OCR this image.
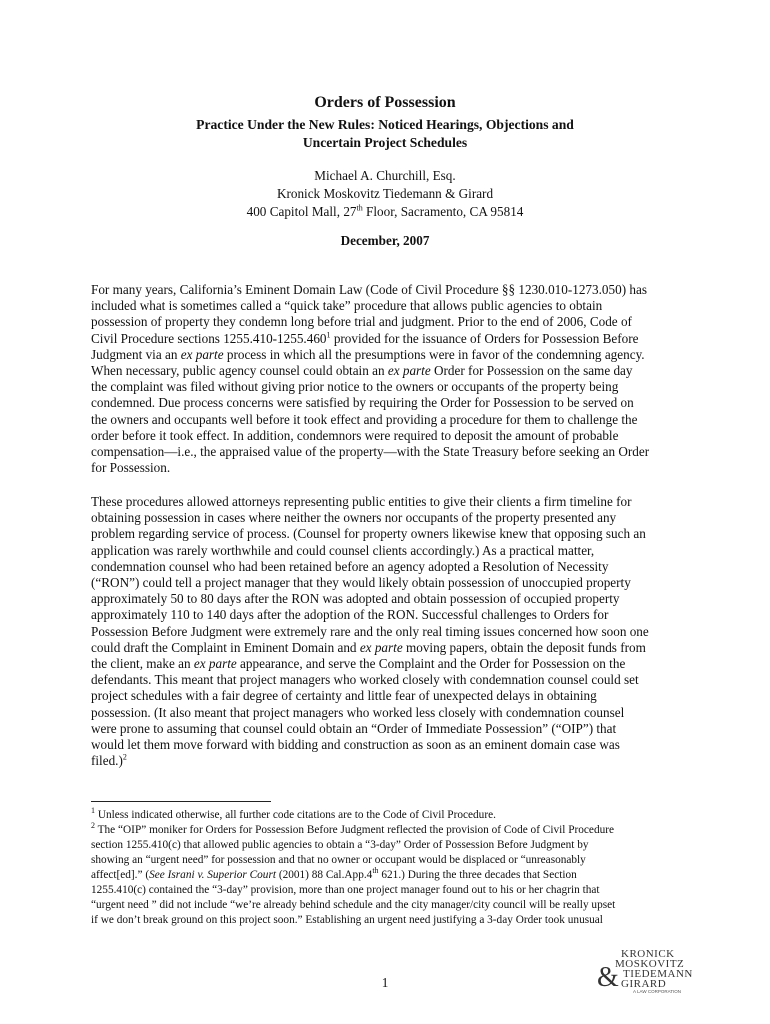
Orders of Possession
Practice Under the New Rules: Noticed Hearings, Objections and
Uncertain Project Schedules
Michael A. Churchill, Esq.
Kronick Moskovitz Tiedemann & Girard
400 Capitol Mall, 27th Floor, Sacramento, CA 95814
December, 2007
For many years, California’s Eminent Domain Law (Code of Civil Procedure §§ 1230.010-1273.050) has
included what is sometimes called a “quick take” procedure that allows public agencies to obtain
possession of property they condemn long before trial and judgment. Prior to the end of 2006, Code of
Civil Procedure sections 1255.410-1255.460$^1$ provided for the issuance of Orders for Possession Before
Judgment via an ex parte process in which all the presumptions were in favor of the condemning agency.
When necessary, public agency counsel could obtain an ex parte Order for Possession on the same day
the complaint was filed without giving prior notice to the owners or occupants of the property being
condemned. Due process concerns were satisfied by requiring the Order for Possession to be served on
the owners and occupants well before it took effect and providing a procedure for them to challenge the
order before it took effect. In addition, condemnors were required to deposit the amount of probable
compensation—i.e., the appraised value of the property—with the State Treasury before seeking an Order
for Possession.
These procedures allowed attorneys representing public entities to give their clients a firm timeline for
obtaining possession in cases where neither the owners nor occupants of the property presented any
problem regarding service of process. (Counsel for property owners likewise knew that opposing such an
application was rarely worthwhile and could counsel clients accordingly.) As a practical matter,
condemnation counsel who had been retained before an agency adopted a Resolution of Necessity
(“RON”) could tell a project manager that they would likely obtain possession of unoccupied property
approximately 50 to 80 days after the RON was adopted and obtain possession of occupied property
approximately 110 to 140 days after the adoption of the RON. Successful challenges to Orders for
Possession Before Judgment were extremely rare and the only real timing issues concerned how soon one
could draft the Complaint in Eminent Domain and ex parte moving papers, obtain the deposit funds from
the client, make an ex parte appearance, and serve the Complaint and the Order for Possession on the
defendants. This meant that project managers who worked closely with condemnation counsel could set
project schedules with a fair degree of certainty and little fear of unexpected delays in obtaining
possession. (It also meant that project managers who worked less closely with condemnation counsel
were prone to assuming that counsel could obtain an “Order of Immediate Possession” (“OIP”) that
would let them move forward with bidding and construction as soon as an eminent domain case was
filed.)$^2$
$^1$ Unless indicated otherwise, all further code citations are to the Code of Civil Procedure.
$^2$ The “OIP” moniker for Orders for Possession Before Judgment reflected the provision of Code of Civil Procedure
section 1255.410(c) that allowed public agencies to obtain a “3-day” Order of Possession Before Judgment by
showing an “urgent need” for possession and that no owner or occupant would be displaced or “unreasonably
affect[ed].” (See Israni v. Superior Court (2001) 88 Cal.App.4th 621.) During the three decades that Section
1255.410(c) contained the “3-day” provision, more than one project manager found out to his or her chagrin that
“urgent need ” did not include “we’re already behind schedule and the city manager/city council will be really upset
if we don’t break ground on this project soon.” Establishing an urgent need justifying a 3-day Order took unusual
1
KRONICK
MOSKOVITZ
TIEDEMANN
& GIRARD
A LAW CORPORATION
